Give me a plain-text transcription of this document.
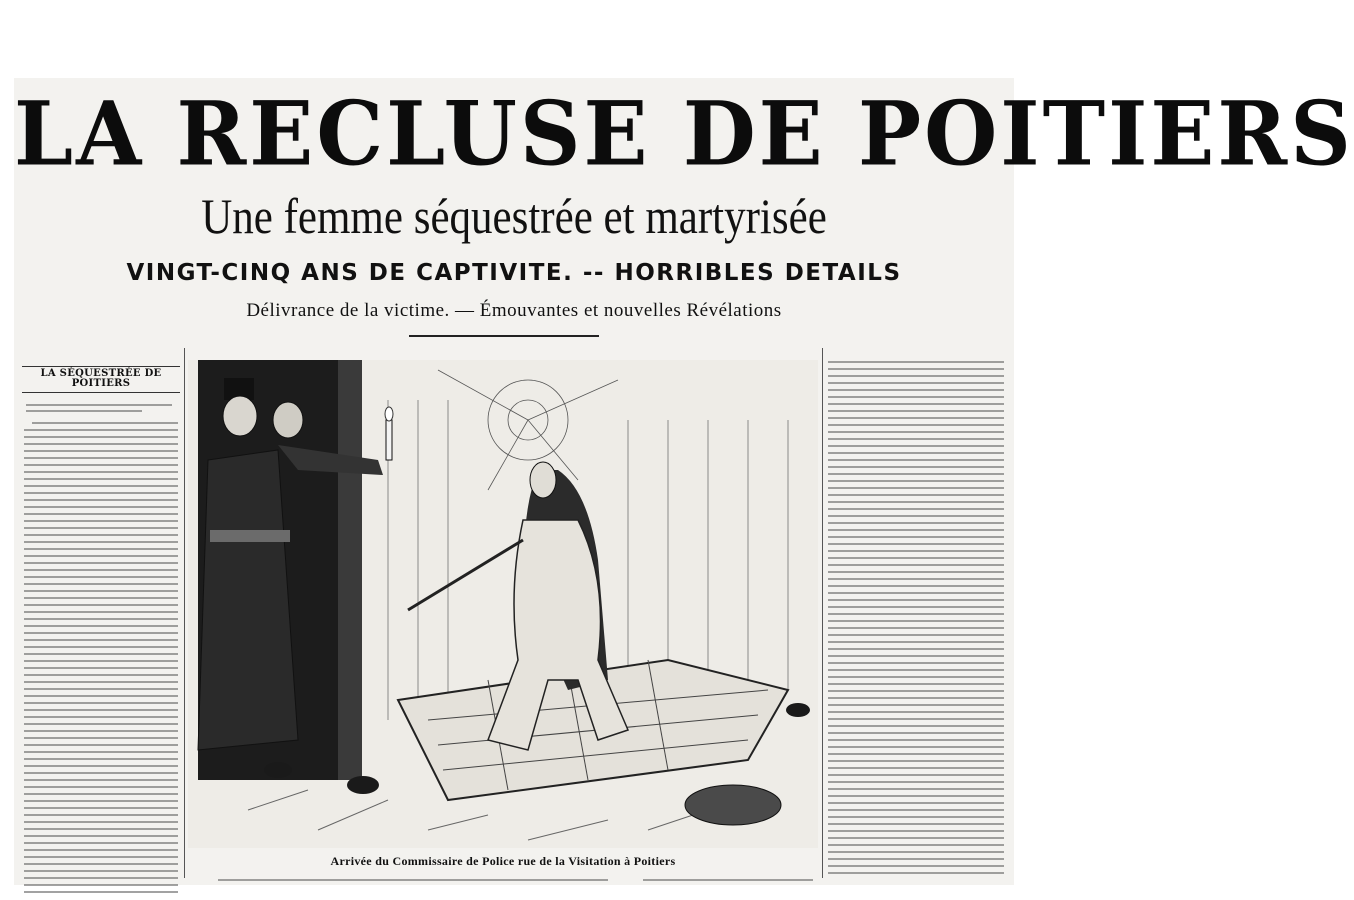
LA RECLUSE DE POITIERS
Une femme séquestrée et martyrisée
VINGT-CINQ ANS DE CAPTIVITE. -- HORRIBLES DETAILS
Délivrance de la victime. — Émouvantes et nouvelles Révélations
LA SÉQUESTRÉE DE POITIERS
Arrivée du Commissaire de Police rue de la Visitation à Poitiers
